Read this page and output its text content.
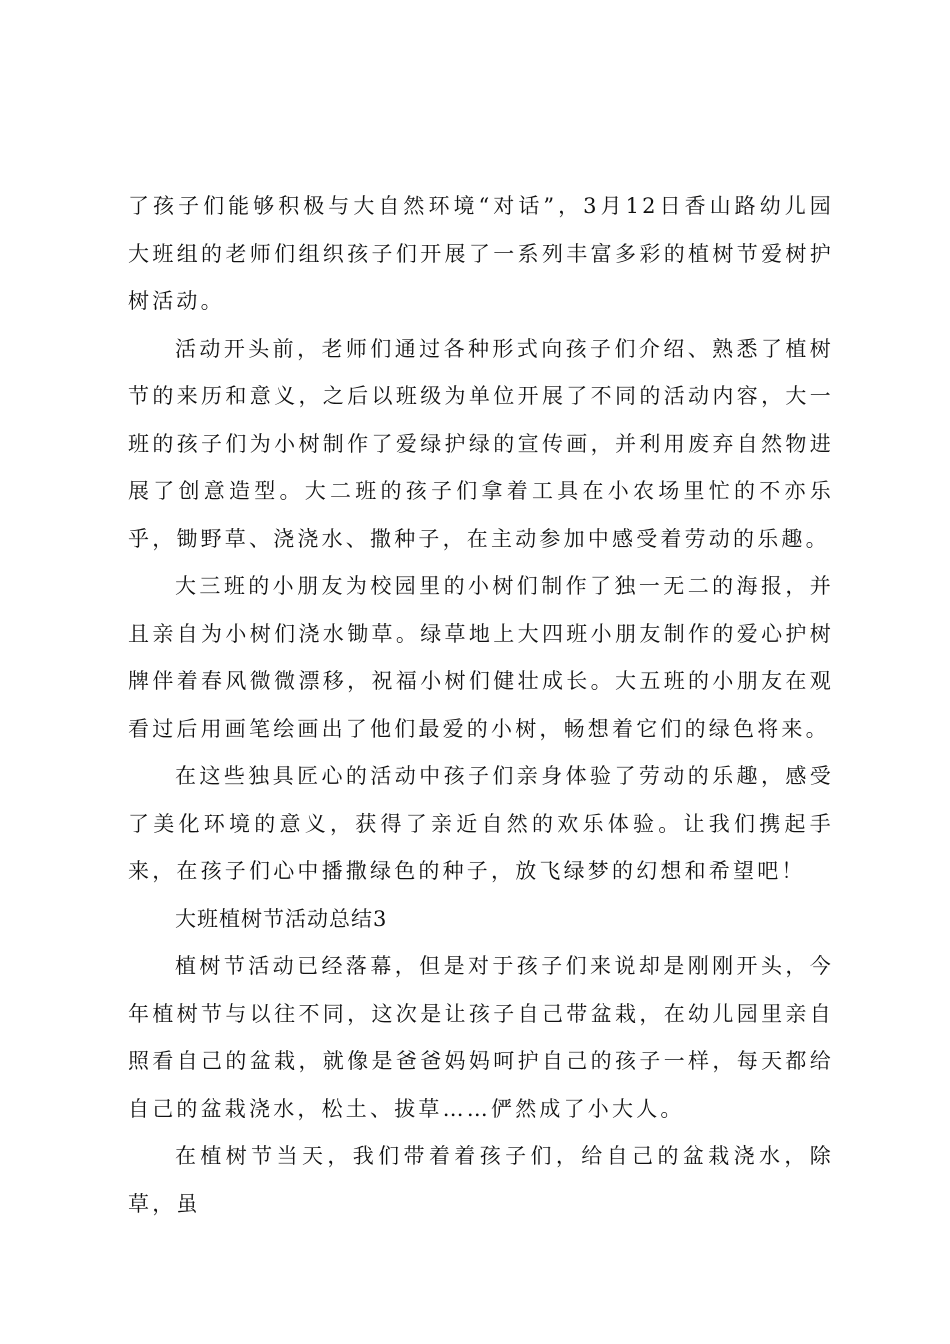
了孩子们能够积极与大自然环境“对话”，3月12日香山路幼儿园大班组的老师们组织孩子们开展了一系列丰富多彩的植树节爱树护树活动。

活动开头前，老师们通过各种形式向孩子们介绍、熟悉了植树节的来历和意义，之后以班级为单位开展了不同的活动内容，大一班的孩子们为小树制作了爱绿护绿的宣传画，并利用废弃自然物进展了创意造型。大二班的孩子们拿着工具在小农场里忙的不亦乐乎，锄野草、浇浇水、撒种子，在主动参加中感受着劳动的乐趣。

大三班的小朋友为校园里的小树们制作了独一无二的海报，并且亲自为小树们浇水锄草。绿草地上大四班小朋友制作的爱心护树牌伴着春风微微漂移，祝福小树们健壮成长。大五班的小朋友在观看过后用画笔绘画出了他们最爱的小树，畅想着它们的绿色将来。

在这些独具匠心的活动中孩子们亲身体验了劳动的乐趣，感受了美化环境的意义，获得了亲近自然的欢乐体验。让我们携起手来，在孩子们心中播撒绿色的种子，放飞绿梦的幻想和希望吧！

大班植树节活动总结3

植树节活动已经落幕，但是对于孩子们来说却是刚刚开头，今年植树节与以往不同，这次是让孩子自己带盆栽，在幼儿园里亲自照看自己的盆栽，就像是爸爸妈妈呵护自己的孩子一样，每天都给自己的盆栽浇水，松土、拔草……俨然成了小大人。

在植树节当天，我们带着着孩子们，给自己的盆栽浇水，除草，虽
